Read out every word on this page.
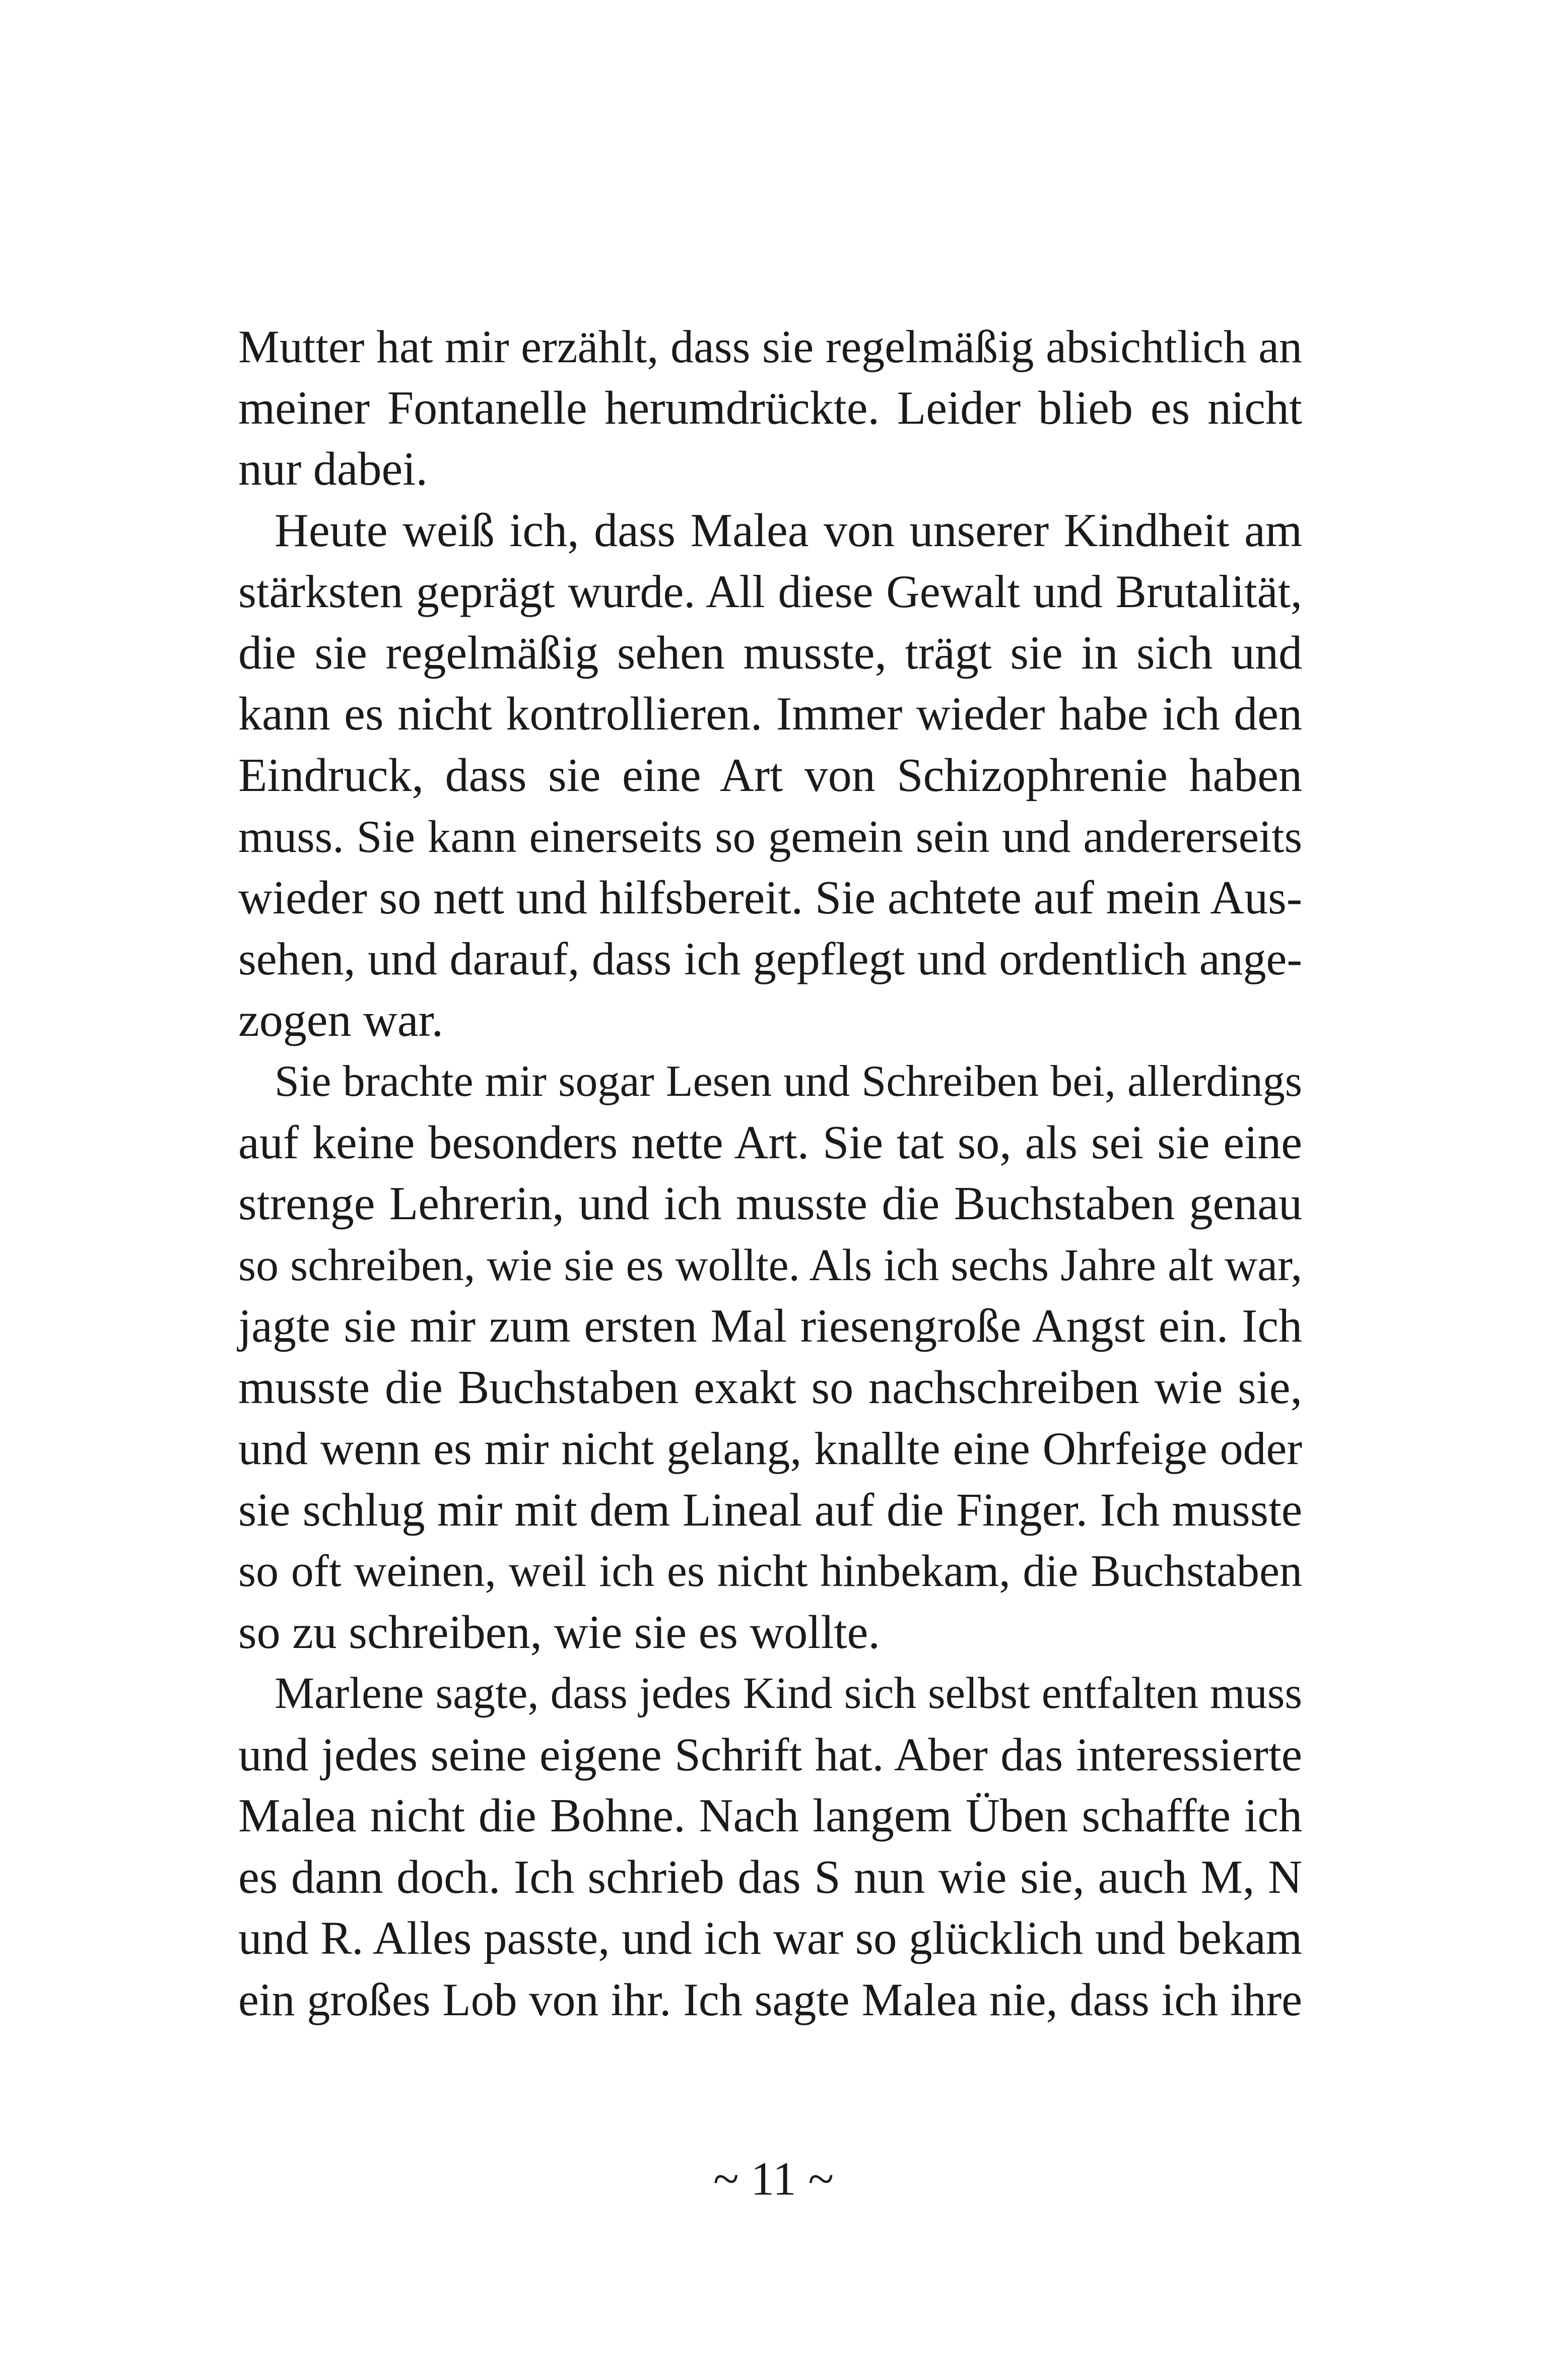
Mutter hat mir erzählt, dass sie regelmäßig absichtlich an
meiner Fontanelle herumdrückte. Leider blieb es nicht
nur dabei.
Heute weiß ich, dass Malea von unserer Kindheit am
stärksten geprägt wurde. All diese Gewalt und Brutalität,
die sie regelmäßig sehen musste, trägt sie in sich und
kann es nicht kontrollieren. Immer wieder habe ich den
Eindruck, dass sie eine Art von Schizophrenie haben
muss. Sie kann einerseits so gemein sein und andererseits
wieder so nett und hilfsbereit. Sie achtete auf mein Aus-
sehen, und darauf, dass ich gepflegt und ordentlich ange-
zogen war.
Sie brachte mir sogar Lesen und Schreiben bei, allerdings
auf keine besonders nette Art. Sie tat so, als sei sie eine
strenge Lehrerin, und ich musste die Buchstaben genau
so schreiben, wie sie es wollte. Als ich sechs Jahre alt war,
jagte sie mir zum ersten Mal riesengroße Angst ein. Ich
musste die Buchstaben exakt so nachschreiben wie sie,
und wenn es mir nicht gelang, knallte eine Ohrfeige oder
sie schlug mir mit dem Lineal auf die Finger. Ich musste
so oft weinen, weil ich es nicht hinbekam, die Buchstaben
so zu schreiben, wie sie es wollte.
Marlene sagte, dass jedes Kind sich selbst entfalten muss
und jedes seine eigene Schrift hat. Aber das interessierte
Malea nicht die Bohne. Nach langem Üben schaffte ich
es dann doch. Ich schrieb das S nun wie sie, auch M, N
und R. Alles passte, und ich war so glücklich und bekam
ein großes Lob von ihr. Ich sagte Malea nie, dass ich ihre
~ 11 ~
